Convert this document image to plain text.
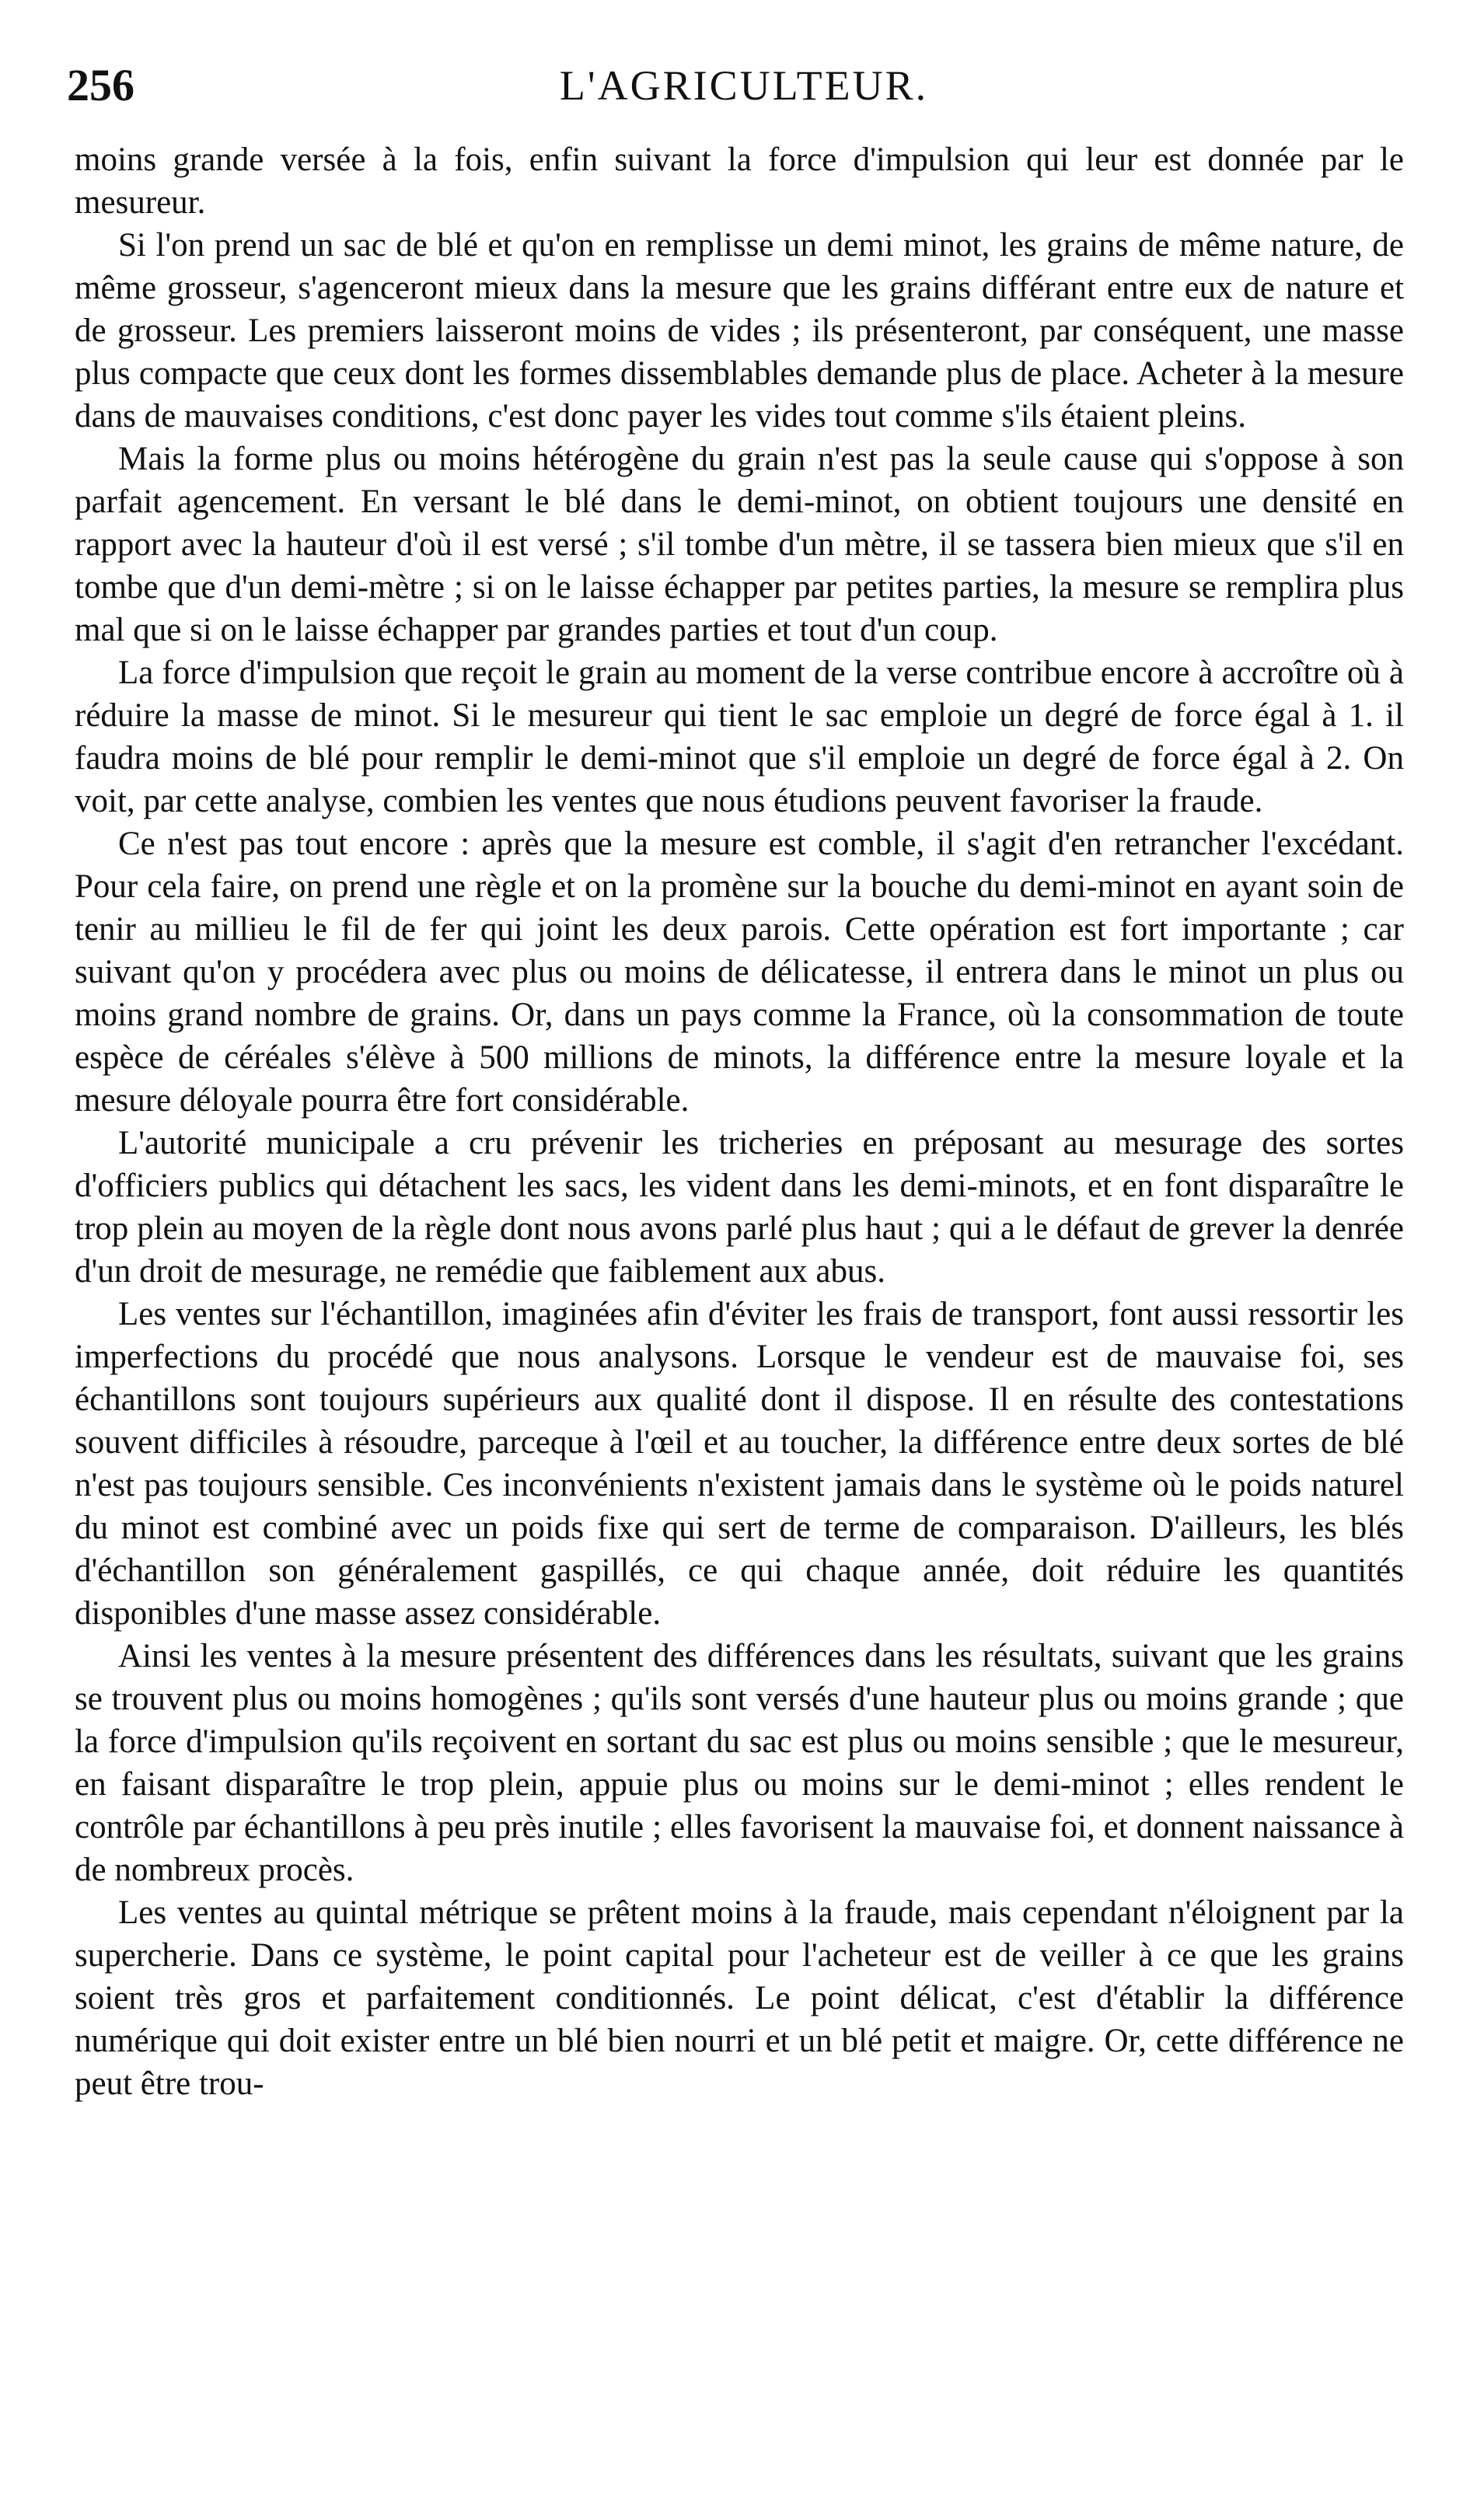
256	L'AGRICULTEUR.

moins grande versée à la fois, enfin suivant la force d'impulsion qui leur est donnée par le mesureur.

Si l'on prend un sac de blé et qu'on en remplisse un demi minot, les grains de même nature, de même grosseur, s'agenceront mieux dans la mesure que les grains différant entre eux de nature et de grosseur. Les premiers laisseront moins de vides ; ils présenteront, par conséquent, une masse plus compacte que ceux dont les formes dissemblables demande plus de place. Acheter à la mesure dans de mauvaises conditions, c'est donc payer les vides tout comme s'ils étaient pleins.

Mais la forme plus ou moins hétérogène du grain n'est pas la seule cause qui s'oppose à son parfait agencement. En versant le blé dans le demi-minot, on obtient toujours une densité en rapport avec la hauteur d'où il est versé ; s'il tombe d'un mètre, il se tassera bien mieux que s'il en tombe que d'un demi-mètre ; si on le laisse échapper par petites parties, la mesure se remplira plus mal que si on le laisse échapper par grandes parties et tout d'un coup.

La force d'impulsion que reçoit le grain au moment de la verse contribue encore à accroître où à réduire la masse de minot. Si le mesureur qui tient le sac emploie un degré de force égal à 1. il faudra moins de blé pour remplir le demi-minot que s'il emploie un degré de force égal à 2. On voit, par cette analyse, combien les ventes que nous étudions peuvent favoriser la fraude.

Ce n'est pas tout encore : après que la mesure est comble, il s'agit d'en retrancher l'excédant. Pour cela faire, on prend une règle et on la promène sur la bouche du demi-minot en ayant soin de tenir au millieu le fil de fer qui joint les deux parois. Cette opération est fort importante ; car suivant qu'on y procédera avec plus ou moins de délicatesse, il entrera dans le minot un plus ou moins grand nombre de grains. Or, dans un pays comme la France, où la consommation de toute espèce de céréales s'élève à 500 millions de minots, la différence entre la mesure loyale et la mesure déloyale pourra être fort considérable.

L'autorité municipale a cru prévenir les tricheries en préposant au mesurage des sortes d'officiers publics qui détachent les sacs, les vident dans les demi-minots, et en font disparaître le trop plein au moyen de la règle dont nous avons parlé plus haut ; qui a le défaut de grever la denrée d'un droit de mesurage, ne remédie que faiblement aux abus.

Les ventes sur l'échantillon, imaginées afin d'éviter les frais de transport, font aussi ressortir les imperfections du procédé que nous analysons. Lorsque le vendeur est de mauvaise foi, ses échantillons sont toujours supérieurs aux qualité dont il dispose. Il en résulte des contestations souvent difficiles à résoudre, parceque à l'œil et au toucher, la différence entre deux sortes de blé n'est pas toujours sensible. Ces inconvénients n'existent jamais dans le système où le poids naturel du minot est combiné avec un poids fixe qui sert de terme de comparaison. D'ailleurs, les blés d'échantillon son généralement gaspillés, ce qui chaque année, doit réduire les quantités disponibles d'une masse assez considérable.

Ainsi les ventes à la mesure présentent des différences dans les résultats, suivant que les grains se trouvent plus ou moins homogènes ; qu'ils sont versés d'une hauteur plus ou moins grande ; que la force d'impulsion qu'ils reçoivent en sortant du sac est plus ou moins sensible ; que le mesureur, en faisant disparaître le trop plein, appuie plus ou moins sur le demi-minot ; elles rendent le contrôle par échantillons à peu près inutile ; elles favorisent la mauvaise foi, et donnent naissance à de nombreux procès.

Les ventes au quintal métrique se prêtent moins à la fraude, mais cependant n'éloignent par la supercherie. Dans ce système, le point capital pour l'acheteur est de veiller à ce que les grains soient très gros et parfaitement conditionnés. Le point délicat, c'est d'établir la différence numérique qui doit exister entre un blé bien nourri et un blé petit et maigre. Or, cette différence ne peut être trou-
